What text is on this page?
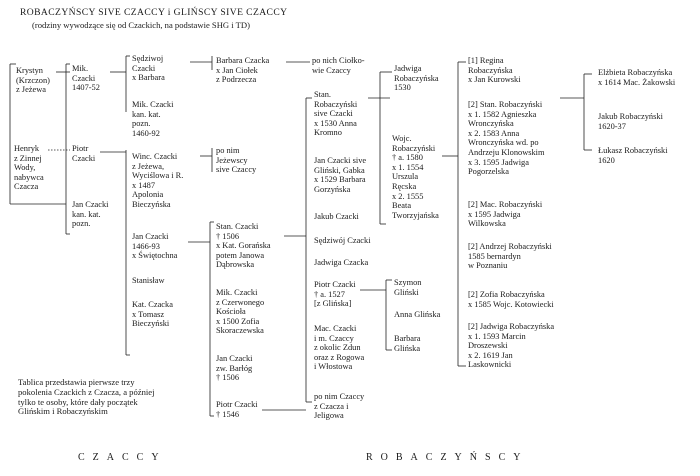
ROBACZYŃSCY SIVE CZACCY i GLIŃSCY SIVE CZACCY
(rodziny wywodzące się od Czackich, na podstawie SHG i TD)
Krystyn
(Krzczon)
z Jeżewa
Henryk
z Zinnej
Wody,
nabywca
Czacza
Mik.
Czacki
1407-52
Piotr
Czacki
Jan Czacki
kan. kat.
pozn.
Sędziwoj
Czacki
x Barbara
Mik. Czacki
kan. kat.
pozn.
1460-92
Winc. Czacki
z Jeżewa,
Wyciślowa i R.
x 1487
Apolonia
Bieczyńska
Jan Czacki
1466-93
x Świętochna
Stanisław
Kat. Czacka
x Tomasz
Bieczyński
Barbara Czacka
x Jan Ciołek
z Podrzecza
po nich Ciołko-
wie Czaccy
po nim
Jeżewscy
sive Czaccy
Stan. Czacki
† 1506
x Kat. Gorańska
potem Janowa
Dąbrowska
Mik. Czacki
z Czerwonego
Kościoła
x 1500 Zofia
Skoraczewska
Jan Czacki
zw. Barłóg
† 1506
Piotr Czacki
† 1546
Stan.
Robaczyński
sive Czacki
x 1530 Anna
Kromno
Jan Czacki sive
Gliński, Gabka
x 1529 Barbara
Gorzyńska
Jakub Czacki
Sędziwój Czacki
Jadwiga Czacka
Piotr Czacki
† a. 1527
[z Glińska]
Mac. Czacki
i m. Czaccy
z okolic Zdun
oraz z Rogowa
i Włostowa
po nim Czaccy
z Czacza i
Jeligowa
Jadwiga
Robaczyńska
1530
Wojc.
Robaczyński
† a. 1580
x 1. 1554
Urszula
Ręcska
x 2. 1555
Beata
Tworzyjańska
Szymon
Gliński
Anna Glińska
Barbara
Glińska
[1] Regina
Robaczyńska
x Jan Kurowski
[2] Stan. Robaczyński
x 1. 1582 Agnieszka
Wronczyńska
x 2. 1583 Anna
Wronczyńska wd. po
Andrzeju Klonowskim
x 3. 1595 Jadwiga
Pogorzelska
[2] Mac. Robaczyński
x 1595 Jadwiga
Wilkowska
[2] Andrzej Robaczyński
1585 bernardyn
w Poznaniu
[2] Zofia Robaczyńska
x 1585 Wojc. Kotowiecki
[2] Jadwiga Robaczyńska
x 1. 1593 Marcin
Droszewski
x 2. 1619 Jan
Laskownicki
Elżbieta Robaczyńska
x 1614 Mac. Żakowski
Jakub Robaczyński
1620-37
Łukasz Robaczyński
1620
Tablica przedstawia pierwsze trzy
pokolenia Czackich z Czacza, a później
tylko te osoby, które dały początek
Glińskim i Robaczyńskim
CZACCY	ROBACZYŃSCY
